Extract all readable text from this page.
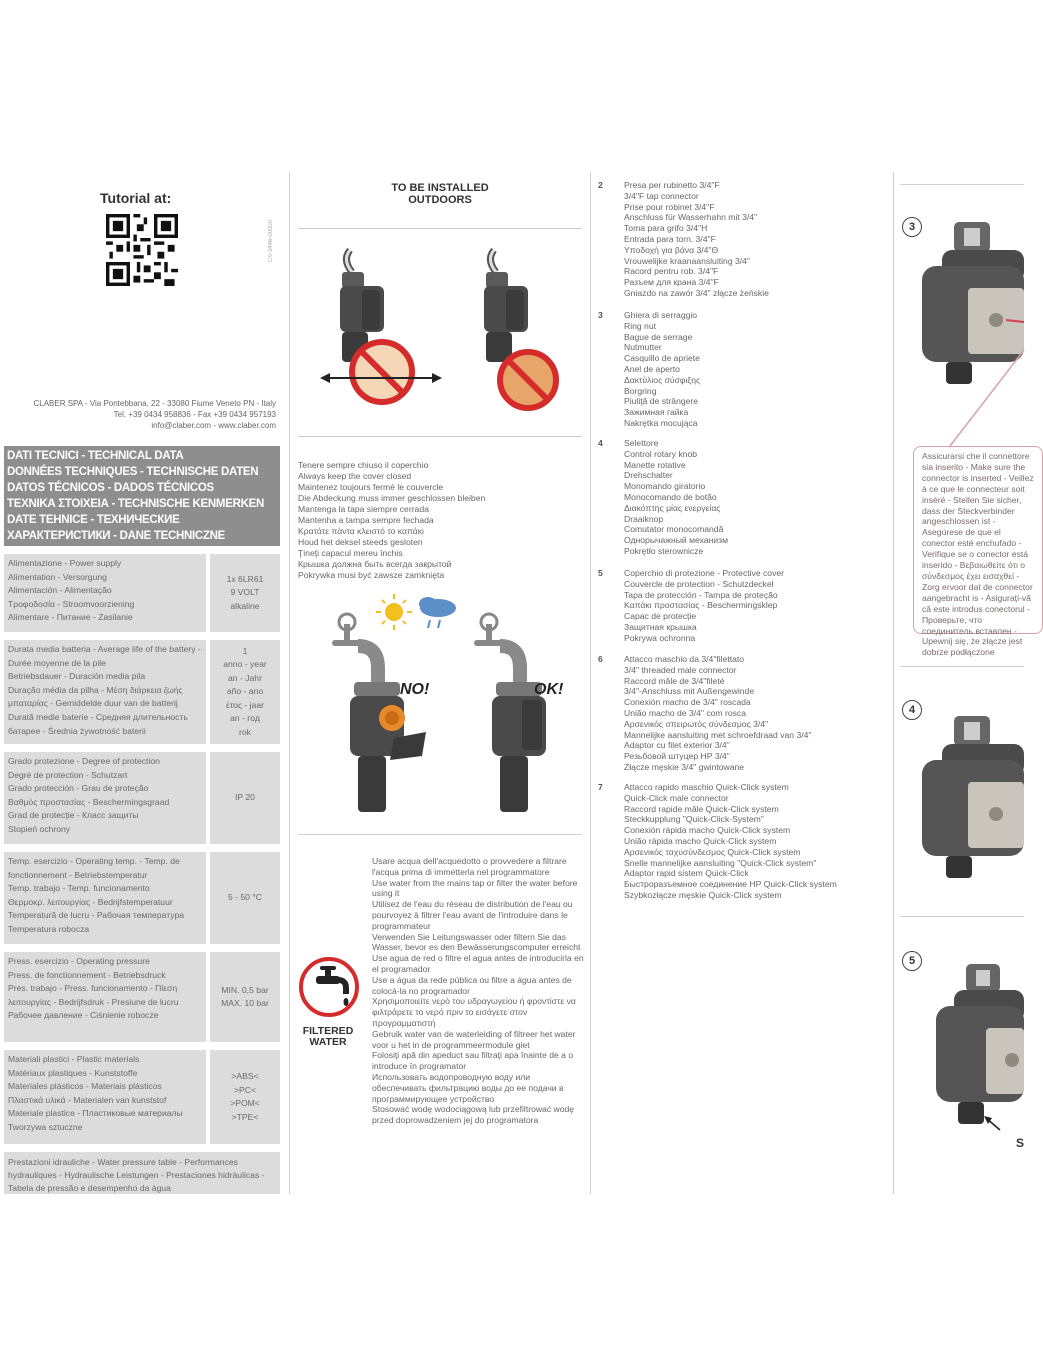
Tutorial at:
CV-3446-00000
CLABER SPA - Via Pontebbana, 22 - 33080 Fiume Veneto PN - Italy
Tel. +39 0434 958836 - Fax +39 0434 957193
info@claber.com - www.claber.com
DATI TECNICI - TECHNICAL DATA
DONNÉES TECHNIQUES - TECHNISCHE DATEN
DATOS TÉCNICOS - DADOS TÉCNICOS
ΤΕΧΝΙΚΑ ΣΤΟΙΧΕΙΑ - TECHNISCHE KENMERKEN
DATE TEHNICE - ТЕХНИЧЕСКИЕ
ХАРАКТЕРИСТИКИ - DANE TECHNICZNE
Alimentazione - Power supply
Alimentation - Versorgung
Alimentación - Alimentação
Τροφοδοσία - Stroomvoorziening
Alimentare - Питание - Zasilanie
1x 6LR61
9 VOLT
alkaline
Durata media batteria - Average life of the battery - Durée moyenne de la pile
Betriebsdauer - Duración media pila
Duração média da pilha - Μέση διάρκεια ζωής μπαταρίας - Gemiddelde duur van de batterij
Durată medie baterie - Средняя длительность батарее - Średnia żywotność baterii
1
anno - year
an - Jahr
año - ano
έτος - jaar
an - год
rok
Grado protezione - Degree of protection
Degré de protection - Schutzart
Grado protección - Grau de proteção
Βαθμός προστασίας - Beschermingsgraad
Grad de protecție - Класс защиты
Stopień ochrony
IP 20
Temp. esercizio - Operating temp. - Temp. de fonctionnement - Betriebstemperatur
Temp. trabajo - Temp. funcionamento
Θερμοκρ. λειτουργίας - Bedrijfstemperatuur
Temperatură de lucru - Рабочая температура Temperatura robocza
5 - 50 °C
Press. esercizio - Operating pressure
Press. de fonctionnement - Betriebsdruck
Pres. trabajo - Press. funcionamento - Πίεση λειτουργίας - Bedrijfsdruk - Presiune de lucru
Рабочее давление - Ciśnienie robocze
MIN. 0,5 bar
MAX. 10 bar
Materiali plastici - Plastic materials
Matériaux plastiques - Kunststoffe
Materiales plásticos - Materiais plásticos
Πλαστικά υλικά - Materialen van kunststof
Materiale plastice - Пластиковые материалы
Tworzywa sztuczne
>ABS<
>PC<
>POM<
>TPE<
Prestazioni idrauliche - Water pressure table - Performances hydrauliques - Hydraulische Leistungen - Prestaciones hidráulicas - Tabela de pressão e desempenho da água
TO BE INSTALLED
OUTDOORS
Tenere sempre chiuso il coperchio
Always keep the cover closed
Maintenez toujours fermé le couvercle
Die Abdeckung muss immer geschlossen bleiben
Mantenga la tapa siempre cerrada
Mantenha a tampa sempre fechada
Κρατάτε πάντα κλειστό το καπάκι
Houd het deksel steeds gesloten
Ţineţi capacul mereu închis
Крышка должна быть всегда закрытой
Pokrywka musi być zawsze zamknięta
NO!	OK!
FILTERED
WATER
Usare acqua dell'acquedotto o provvedere a filtrare l'acqua prima di immetterla nel programmatore
Use water from the mains tap or filter the water before using it
Utilisez de l'eau du réseau de distribution de l'eau ou pourvoyez à filtrer l'eau avant de l'introduire dans le programmateur
Verwenden Sie Leitungswasser oder filtern Sie das Wasser, bevor es den Bewässerungscomputer erreicht
Use agua de red o filtre el agua antes de introducirla en el programador
Use a água da rede pública ou filtre a água antes de colocá-la no programador
Χρησιμοποιείτε νερό του υδραγωγείου ή φροντίστε να φιλτράρετε το νερό πριν το εισάγετε στον προγραμματιστή
Gebruik water van de waterleiding of filtreer het water voor u het in de programmeermodule giet
Folosiţi apă din apeduct sau filtraţi apa înainte de a o introduce în programator
Использовать водопроводную воду или обеспечивать фильтрацию воды до ее подачи в программирующее устройство
Stosować wodę wodociągową lub przefiltrować wodę przed doprowadzeniem jej do programatora
2	Presa per rubinetto 3/4"F
3/4"F tap connector
Prise pour robinet 3/4"F
Anschluss für Wasserhahn mit 3/4"
Toma para grifo 3/4"H
Entrada para torn. 3/4"F
Υποδοχή για βάνα 3/4"Θ
Vrouwelijke kraanaansluiting 3/4"
Racord pentru rob. 3/4"F
Разъем для крана 3/4"F
Gniazdo na zawór 3/4" złącze żeńskie
3	Ghiera di serraggio
Ring nut
Bague de serrage
Nutmutter
Casquillo de apriete
Anel de aperto
Δακτύλιος σύσφιξης
Borgring
Piuliţă de strângere
Зажимная гайка
Nakrętka mocująca
4	Selettore
Control rotary knob
Manette rotative
Drehschalter
Monomando giratorio
Monocomando de botão
Διακόπτης μίας ενεργείας
Draaiknop
Comutator monocomandă
Однорычажный механизм
Pokrętło sterownicze
5	Coperchio di protezione - Protective cover
Couvercle de protection - Schutzdeckel
Tapa de protección - Tampa de proteção
Καπάκι προστασίας - Beschermingsklep
Capac de protecție
Защитная крышка
Pokrywa ochronna
6	Attacco maschio da 3/4"filettato
3/4" threaded male connector
Raccord mâle de 3/4"fileté
3/4"-Anschluss mit Außengewinde
Conexión macho de 3/4" roscada
União macho de 3/4" com rosca
Αρσενικός σπειρωτός σύνδεσμος 3/4"
Mannelijke aansluiting met schroefdraad van 3/4"
Adaptor cu filet exterior 3/4"
Резьбовой штуцер НР 3/4"
Złącze męskie 3/4" gwintowane
7	Attacco rapido maschio Quick-Click system
Quick-Click male connector
Raccord rapide mâle Quick-Click system
Steckkupplung "Quick-Click-System"
Conexión rápida macho Quick-Click system
União rápida macho Quick-Click system
Αρσενικός ταχυσύνδεσμος Quick-Click system
Snelle mannelijke aansluiting "Quick-Click system"
Adaptor rapid sistem Quick-Click
Быстроразъемное соединение НР Quick-Click system
Szybkozłącze męskie Quick-Click system
3
Assicurarsi che il connettore sia inserito - Make sure the connector is inserted - Veillez à ce que le connecteur soit inséré - Stellen Sie sicher, dass der Steckverbinder angeschlossen ist - Asegúrese de que el conector esté enchufado - Verifique se o conector está inserido - Βεβαιωθείτε ότι ο σύνδεσμος έχει εισαχθεί - Zorg ervoor dat de connector aangebracht is - Asiguraţi-vă că este introdus conectorul - Проверьте, что соединитель вставлен - Upewnij się, że złącze jest dobrze podłączone
4
5
S
